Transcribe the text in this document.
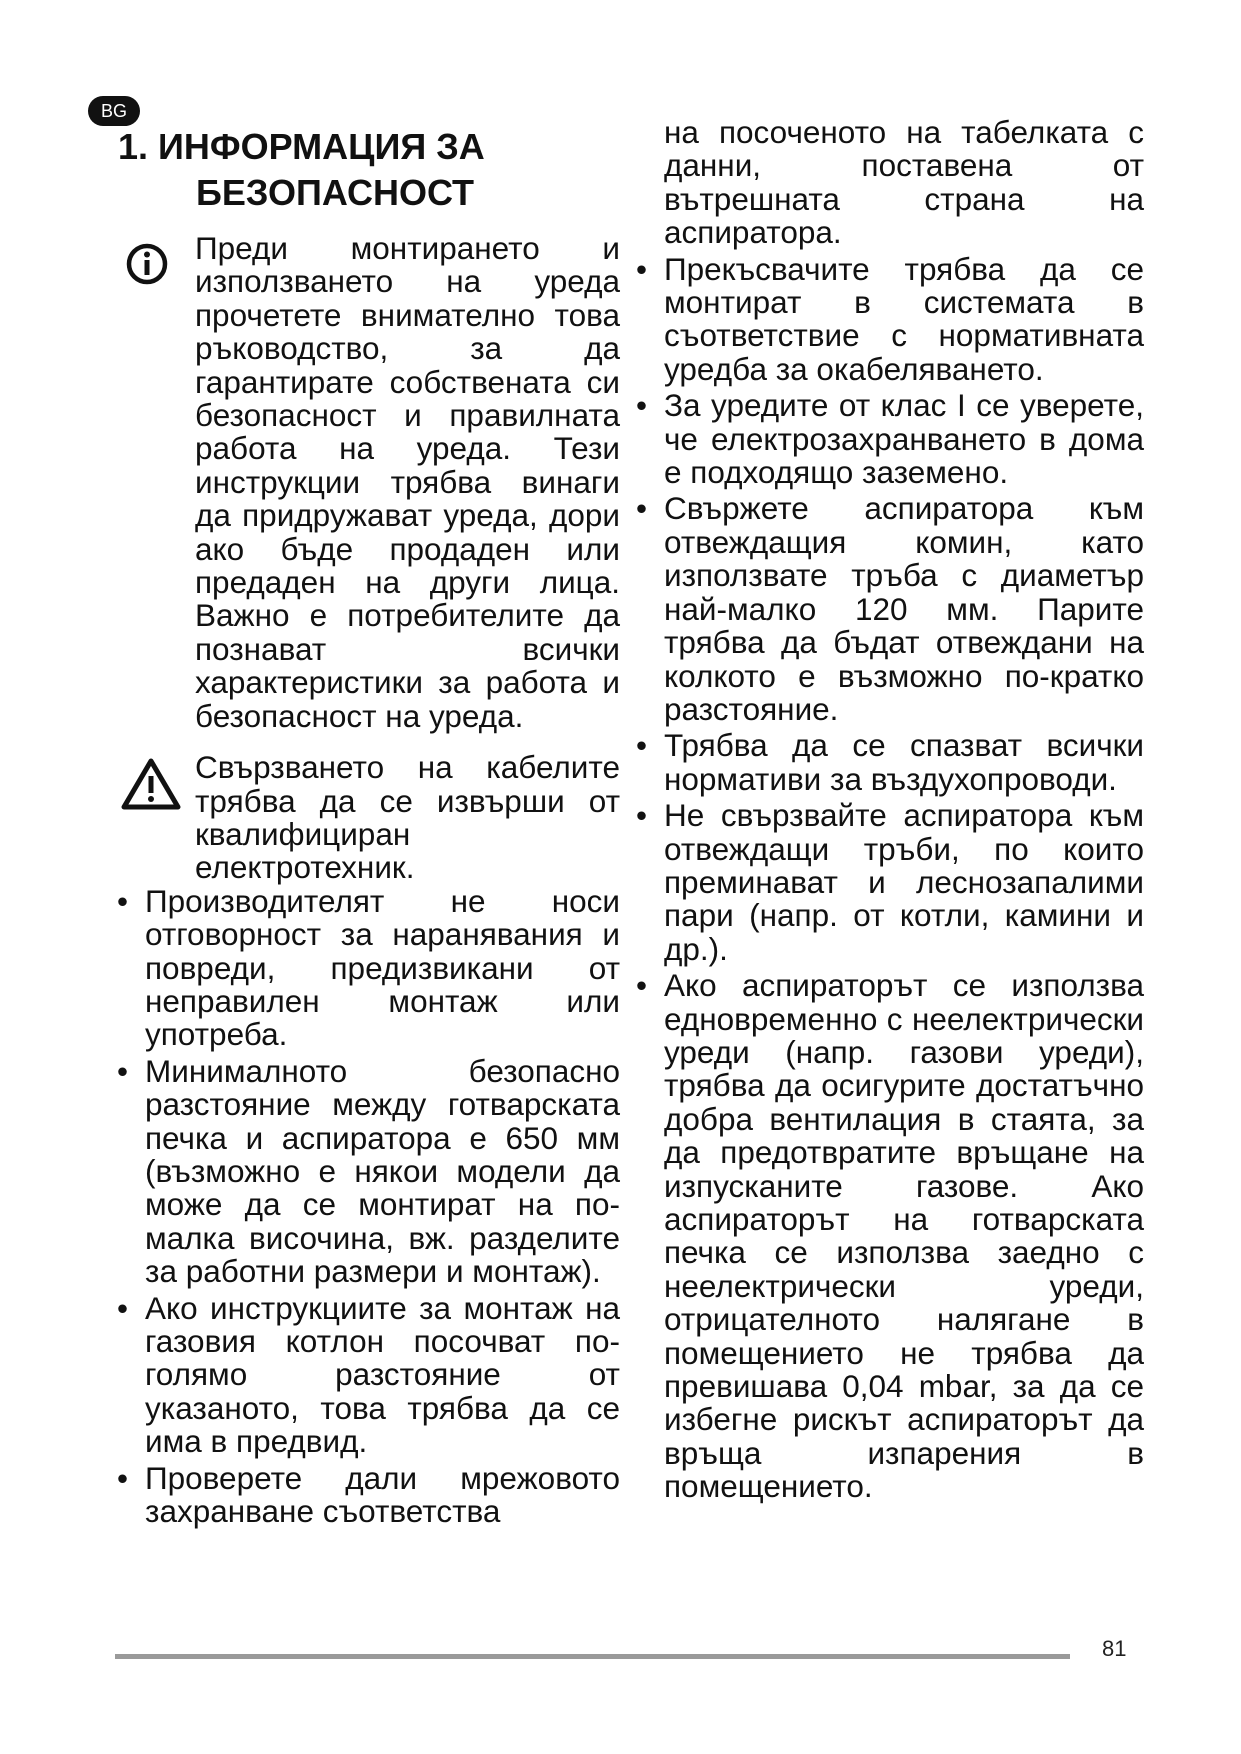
BG
1. ИНФОРМАЦИЯ ЗА
БЕЗОПАСНОСТ
Преди монтирането и използването на уреда прочетете внимателно това ръководство, за да гарантирате собствената си безопасност и правилната работа на уреда. Тези инструкции трябва винаги да придружават уреда, дори ако бъде продаден или предаден на други лица. Важно е потребителите да познават всички характеристики за работа и безопасност на уреда.
Свързването на кабелите трябва да се извърши от квалифициран електротехник.
• Производителят не носи отговорност за наранявания и повреди, предизвикани от неправилен монтаж или употреба.
• Минималното безопасно разстояние между готварската печка и аспиратора е 650 мм (възможно е някои модели да може да се монтират на по-малка височина, вж. разделите за работни размери и монтаж).
• Ако инструкциите за монтаж на газовия котлон посочват по-голямо разстояние от указаното, това трябва да се има в предвид.
• Проверете дали мрежовото захранване съответства
на посоченото на табелката с данни, поставена от вътрешната страна на аспиратора.
• Прекъсвачите трябва да се монтират в системата в съответствие с нормативната уредба за окабеляването.
• За уредите от клас I се уверете, че електрозахранването в дома е подходящо заземено.
• Свържете аспиратора към отвеждащия комин, като използвате тръба с диаметър най-малко 120 мм. Парите трябва да бъдат отвеждани на колкото е възможно по-кратко разстояние.
• Трябва да се спазват всички нормативи за въздухопроводи.
• Не свързвайте аспиратора към отвеждащи тръби, по които преминават и леснозапалими пари (напр. от котли, камини и др.).
• Ако аспираторът се използва едновременно с неелектрически уреди (напр. газови уреди), трябва да осигурите достатъчно добра вентилация в стаята, за да предотвратите връщане на изпусканите газове. Ако аспираторът на готварската печка се използва заедно с неелектрически уреди, отрицателното налягане в помещението не трябва да превишава 0,04 mbar, за да се избегне рискът аспираторът да връща изпарения в помещението.
81
